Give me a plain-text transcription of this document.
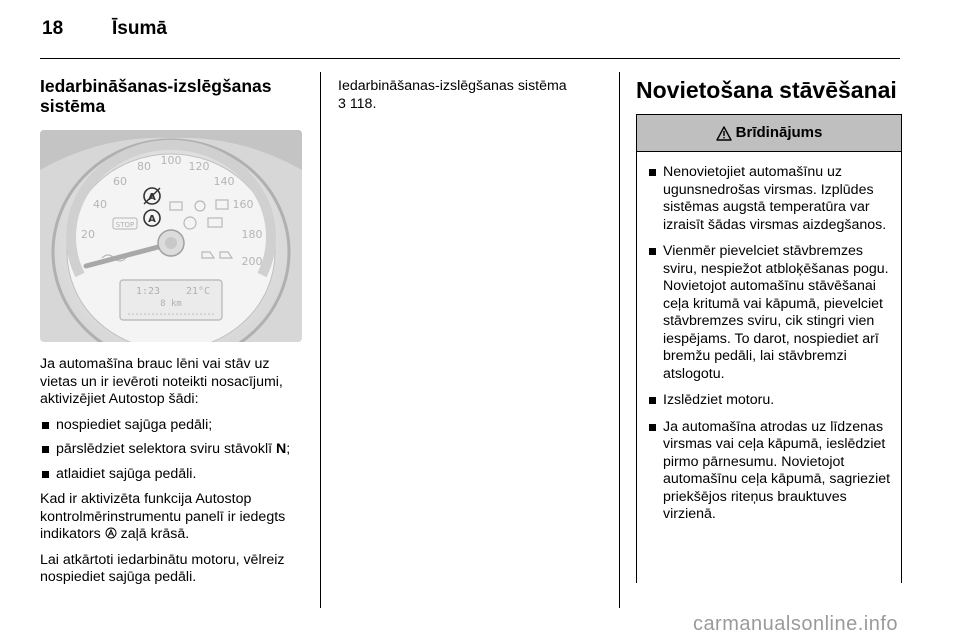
18	Īsumā
Iedarbināšanas-izslēgšanas sistēma
20
40
60
80 100 120
140
160
180
200
STOP
A
A
1:23	21°C
8 km

Ja automašīna brauc lēni vai stāv uz vietas un ir ievēroti noteikti nosacījumi, aktivizējiet Autostop šādi:

nospiediet sajūga pedāli;
pārslēdziet selektora sviru stāvoklī N;
atlaidiet sajūga pedāli.

Kad ir aktivizēta funkcija Autostop kontrolmērinstrumentu panelī ir iedegts indikators  zaļā krāsā.

Lai atkārtoti iedarbinātu motoru, vēlreiz nospiediet sajūga pedāli.

Iedarbināšanas-izslēgšanas sistēma
3 118.
Novietošana stāvēšanai
Brīdinājums
Nenovietojiet automašīnu uz ugunsnedrošas virsmas. Izplūdes sistēmas augstā temperatūra var izraisīt šādas virsmas aizdegšanos.
Vienmēr pievelciet stāvbremzes sviru, nespiežot atbloķēšanas pogu. Novietojot automašīnu stāvēšanai ceļa kritumā vai kāpumā, pievelciet stāvbremzes sviru, cik stingri vien iespējams. To darot, nospiediet arī bremžu pedāli, lai stāvbremzi atslogotu.
Izslēdziet motoru.
Ja automašīna atrodas uz līdzenas virsmas vai ceļa kāpumā, ieslēdziet pirmo pārnesumu. Novietojot automašīnu ceļa kāpumā, sagrieziet priekšējos riteņus brauktuves virzienā.
carmanualsonline.info
